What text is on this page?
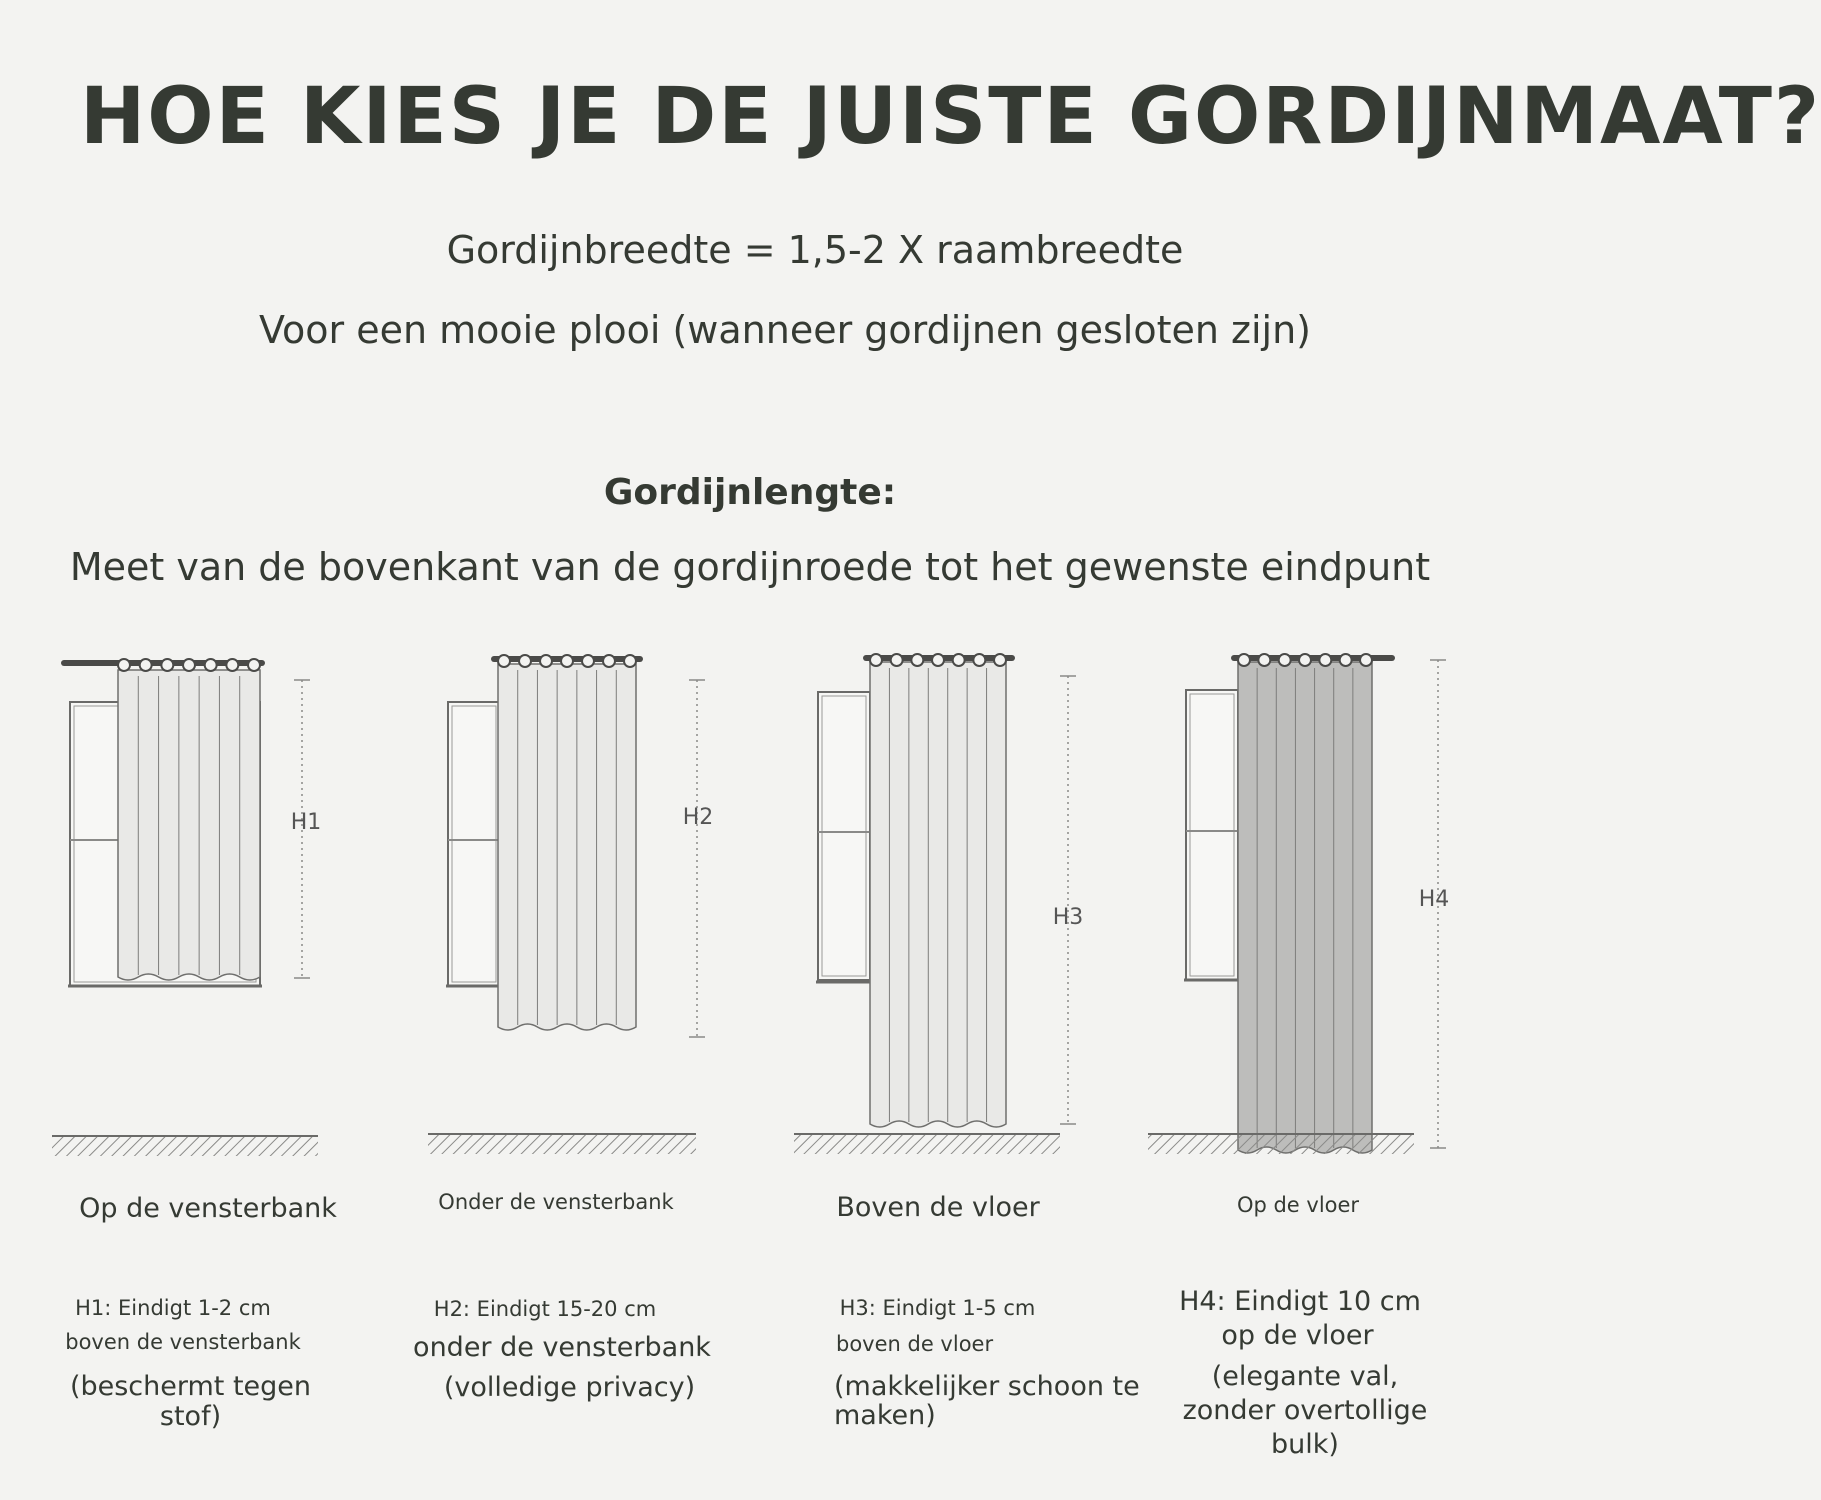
HOE KIES JE DE JUISTE GORDIJNMAAT?
Gordijnbreedte = 1,5-2 X raambreedte
Voor een mooie plooi (wanneer gordijnen gesloten zijn)
Gordijnlengte:
Meet van de bovenkant van de gordijnroede tot het gewenste eindpunt
H1	H2
H3
H4
Op de vensterbank	Onder de vensterbank	Boven de vloer	Op de vloer
H1: Eindigt 1-2 cm
boven de vensterbank
(beschermt tegen stof)
H2: Eindigt 15-20 cm
onder de vensterbank
(volledige privacy)
H3: Eindigt 1-5 cm
boven de vloer
(makkelijker schoon te maken)
H4: Eindigt 10 cm
op de vloer
(elegante val, zonder overtollige bulk)
